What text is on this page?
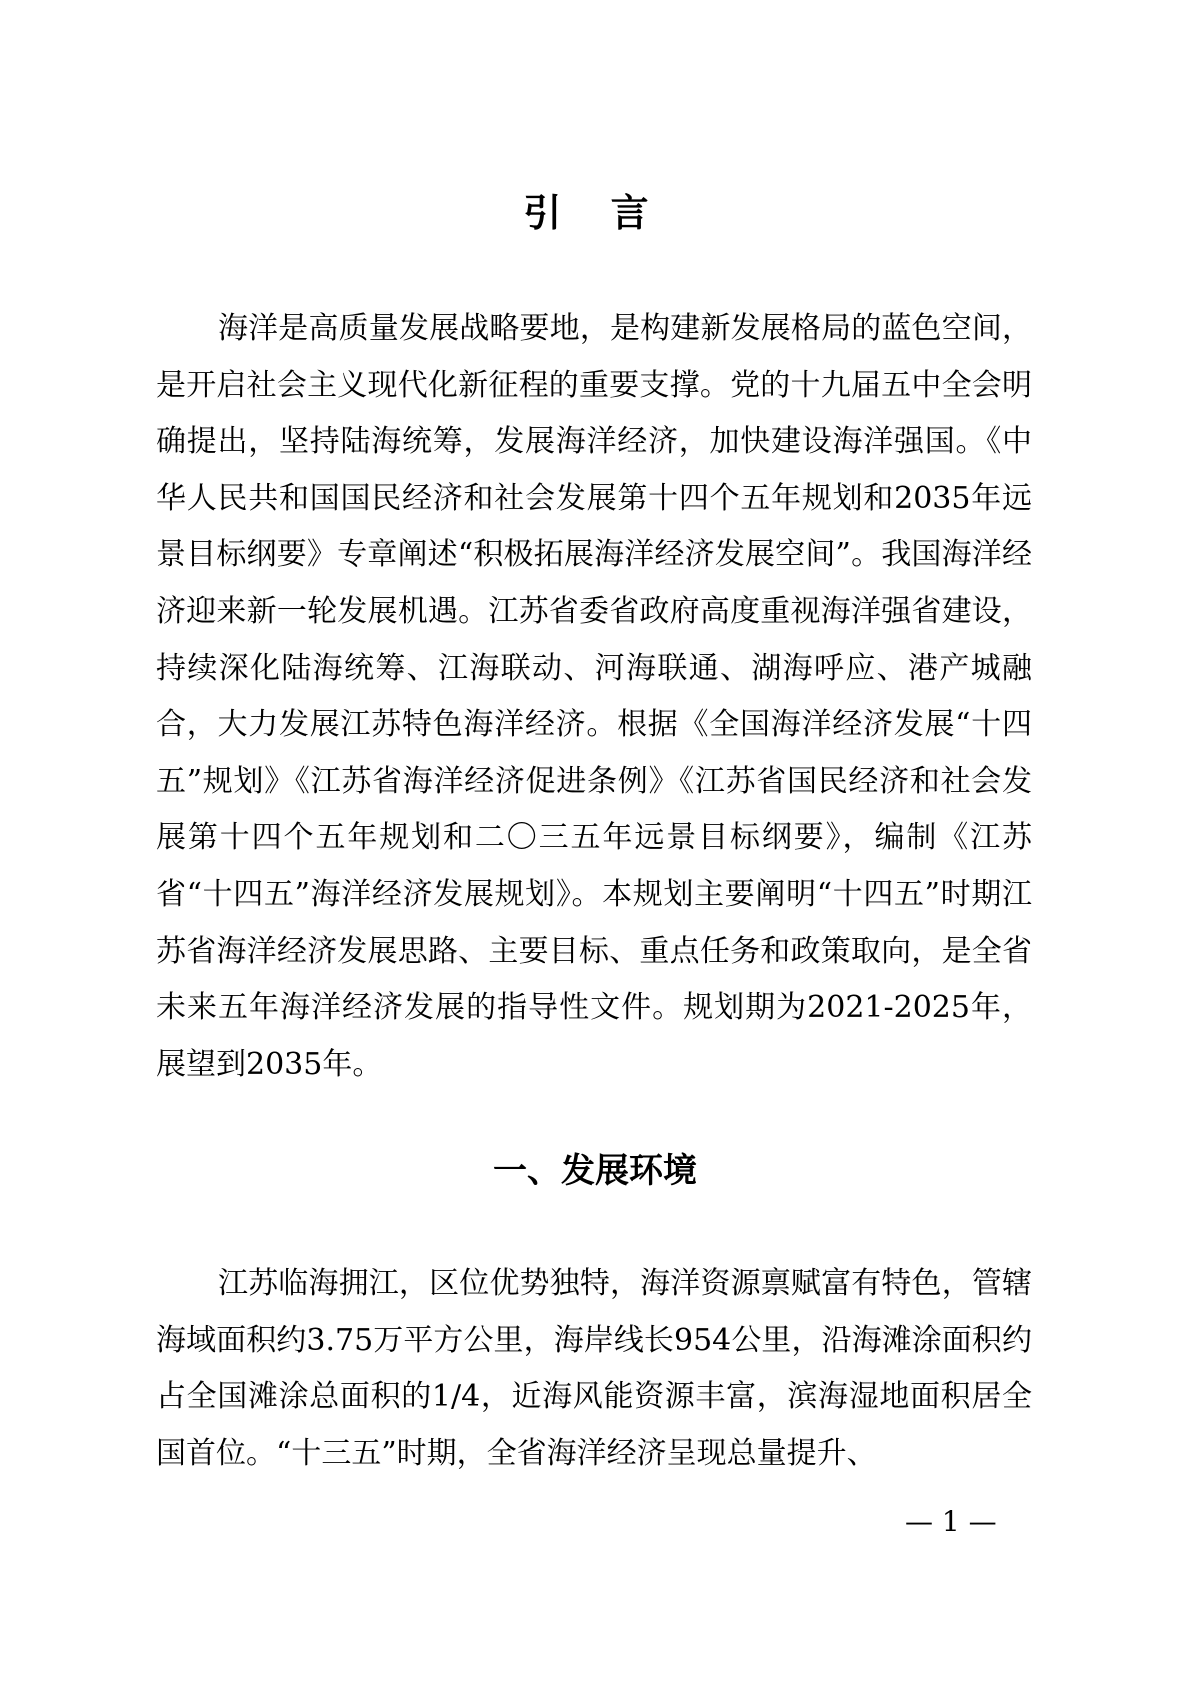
引 言

海洋是高质量发展战略要地，是构建新发展格局的蓝色空间，是开启社会主义现代化新征程的重要支撑。党的十九届五中全会明确提出，坚持陆海统筹，发展海洋经济，加快建设海洋强国。《中华人民共和国国民经济和社会发展第十四个五年规划和2035年远景目标纲要》专章阐述“积极拓展海洋经济发展空间”。我国海洋经济迎来新一轮发展机遇。江苏省委省政府高度重视海洋强省建设，持续深化陆海统筹、江海联动、河海联通、湖海呼应、港产城融合，大力发展江苏特色海洋经济。根据《全国海洋经济发展“十四五”规划》《江苏省海洋经济促进条例》《江苏省国民经济和社会发展第十四个五年规划和二〇三五年远景目标纲要》，编制《江苏省“十四五”海洋经济发展规划》。本规划主要阐明“十四五”时期江苏省海洋经济发展思路、主要目标、重点任务和政策取向，是全省未来五年海洋经济发展的指导性文件。规划期为2021-2025年，展望到2035年。

一、发展环境

江苏临海拥江，区位优势独特，海洋资源禀赋富有特色，管辖海域面积约3.75万平方公里，海岸线长954公里，沿海滩涂面积约占全国滩涂总面积的1/4，近海风能资源丰富，滨海湿地面积居全国首位。“十三五”时期，全省海洋经济呈现总量提升、

— 1 —
